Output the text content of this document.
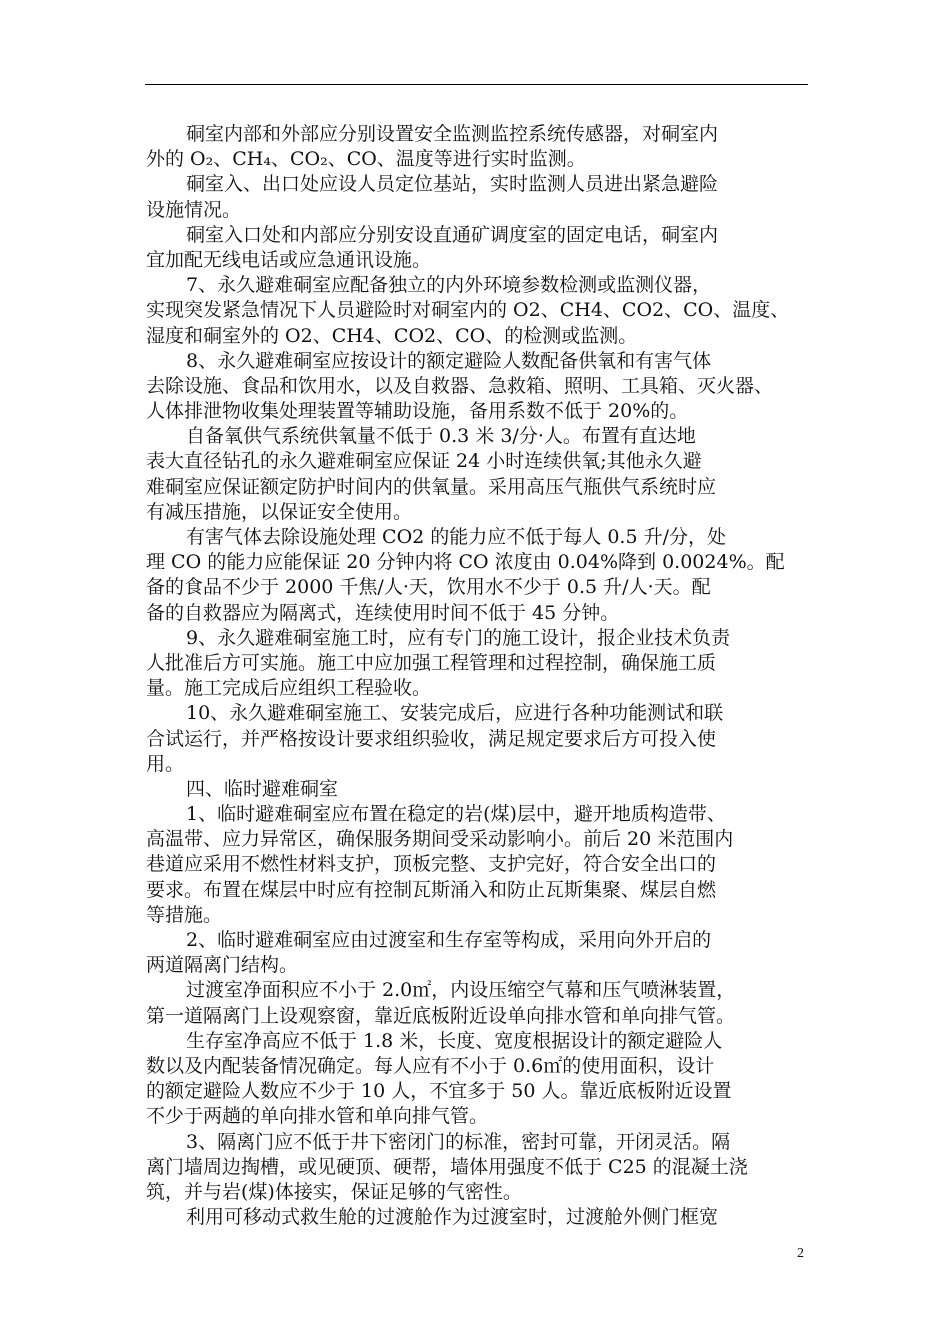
硐室内部和外部应分别设置安全监测监控系统传感器，对硐室内
外的 O₂、CH₄、CO₂、CO、温度等进行实时监测。
硐室入、出口处应设人员定位基站，实时监测人员进出紧急避险
设施情况。
硐室入口处和内部应分别安设直通矿调度室的固定电话，硐室内
宜加配无线电话或应急通讯设施。
7、永久避难硐室应配备独立的内外环境参数检测或监测仪器，
实现突发紧急情况下人员避险时对硐室内的 O2、CH4、CO2、CO、温度、
湿度和硐室外的 O2、CH4、CO2、CO、的检测或监测。
8、永久避难硐室应按设计的额定避险人数配备供氧和有害气体
去除设施、食品和饮用水，以及自救器、急救箱、照明、工具箱、灭火器、
人体排泄物收集处理装置等辅助设施，备用系数不低于 20%的。
自备氧供气系统供氧量不低于 0.3 米 3/分·人。布置有直达地
表大直径钻孔的永久避难硐室应保证 24 小时连续供氧;其他永久避
难硐室应保证额定防护时间内的供氧量。采用高压气瓶供气系统时应
有减压措施，以保证安全使用。
有害气体去除设施处理 CO2 的能力应不低于每人 0.5 升/分，处
理 CO 的能力应能保证 20 分钟内将 CO 浓度由 0.04%降到 0.0024%。配
备的食品不少于 2000 千焦/人·天，饮用水不少于 0.5 升/人·天。配
备的自救器应为隔离式，连续使用时间不低于 45 分钟。
9、永久避难硐室施工时，应有专门的施工设计，报企业技术负责
人批准后方可实施。施工中应加强工程管理和过程控制，确保施工质
量。施工完成后应组织工程验收。
10、永久避难硐室施工、安装完成后，应进行各种功能测试和联
合试运行，并严格按设计要求组织验收，满足规定要求后方可投入使
用。
四、临时避难硐室
1、临时避难硐室应布置在稳定的岩(煤)层中，避开地质构造带、
高温带、应力异常区，确保服务期间受采动影响小。前后 20 米范围内
巷道应采用不燃性材料支护，顶板完整、支护完好，符合安全出口的
要求。布置在煤层中时应有控制瓦斯涌入和防止瓦斯集聚、煤层自燃
等措施。
2、临时避难硐室应由过渡室和生存室等构成，采用向外开启的
两道隔离门结构。
过渡室净面积应不小于 2.0㎡，内设压缩空气幕和压气喷淋装置，
第一道隔离门上设观察窗，靠近底板附近设单向排水管和单向排气管。
生存室净高应不低于 1.8 米，长度、宽度根据设计的额定避险人
数以及内配装备情况确定。每人应有不小于 0.6㎡的使用面积，设计
的额定避险人数应不少于 10 人，不宜多于 50 人。靠近底板附近设置
不少于两趟的单向排水管和单向排气管。
3、隔离门应不低于井下密闭门的标准，密封可靠，开闭灵活。隔
离门墙周边掏槽，或见硬顶、硬帮，墙体用强度不低于 C25 的混凝土浇
筑，并与岩(煤)体接实，保证足够的气密性。
利用可移动式救生舱的过渡舱作为过渡室时，过渡舱外侧门框宽
2
